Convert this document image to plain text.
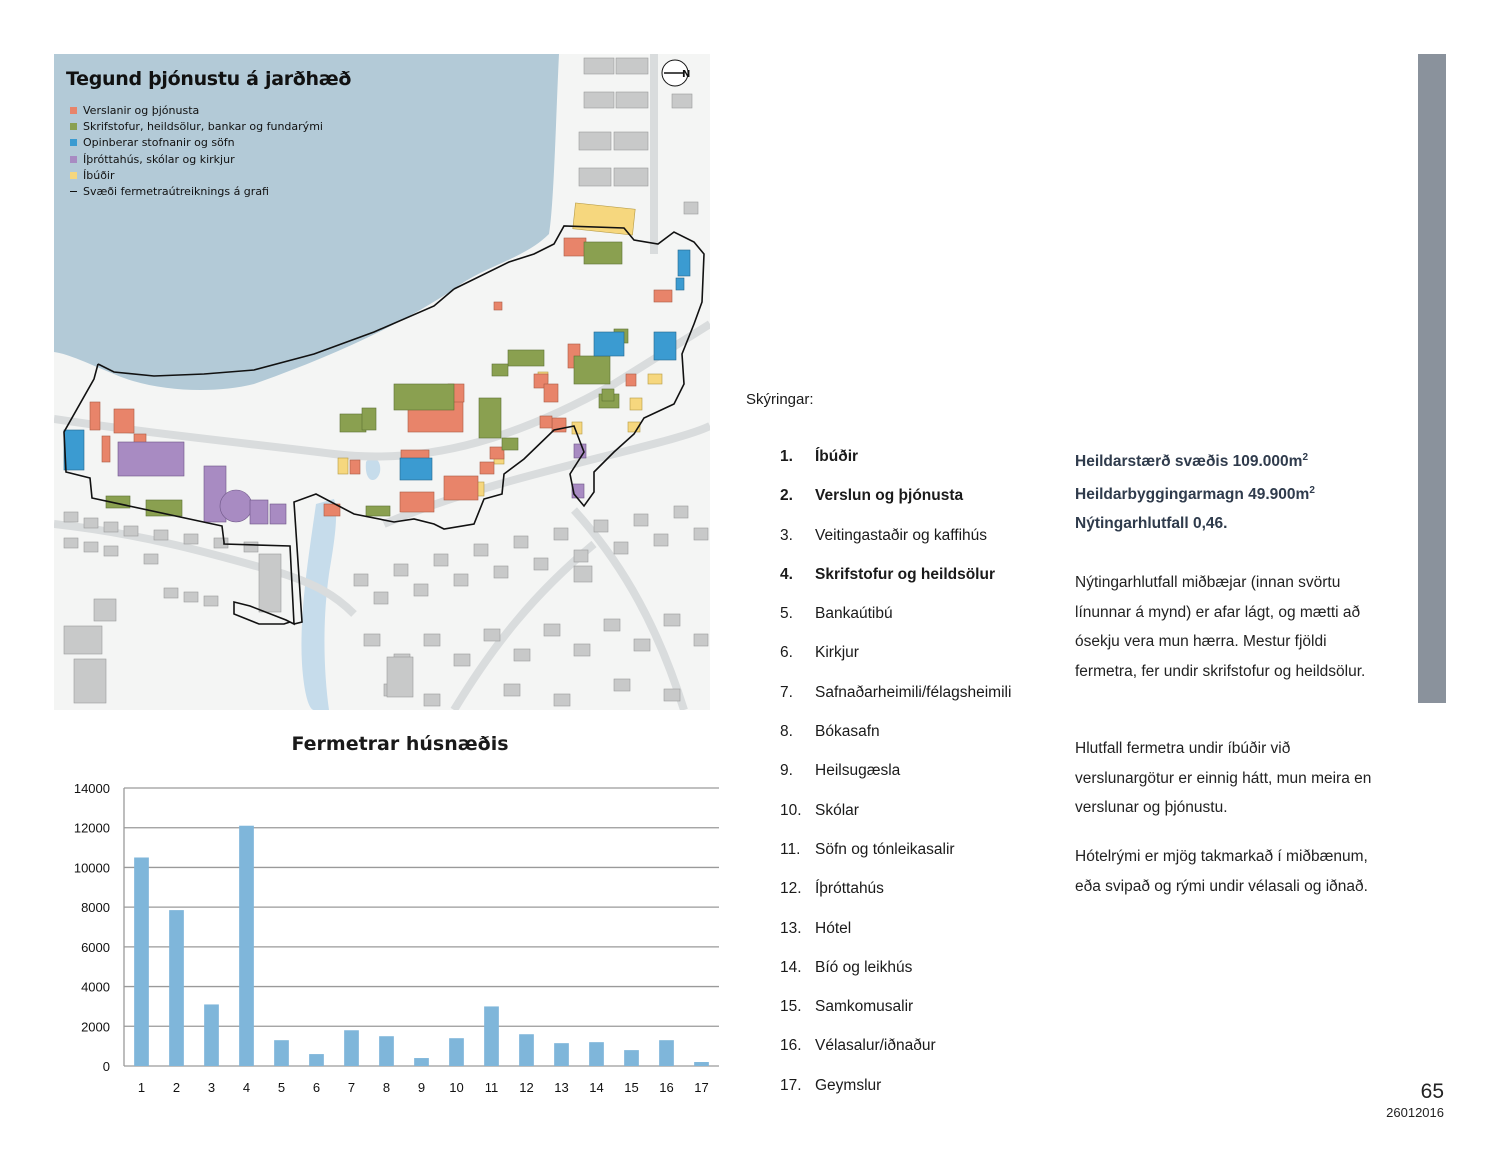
Tegund þjónustu á jarðhæð
Verslanir og þjónusta
Skrifstofur, heildsölur, bankar og fundarými
Opinberar stofnanir og söfn
Íþróttahús, skólar og kirkjur
Íbúðir
Svæði fermetraútreiknings á grafi
N
Fermetrar húsnæðis
0
2000
4000
6000
8000
10000
12000
14000
1 2 3 4 5 6 7 8 9 10 11 12 13 14 15 16 17
Skýringar:
1.	Íbúðir
2.	Verslun og þjónusta
3.	Veitingastaðir og kaffihús
4.	Skrifstofur og heildsölur
5.	Bankaútibú
6.	Kirkjur
7.	Safnaðarheimili/félagsheimili
8.	Bókasafn
9.	Heilsugæsla
10. Skólar
11. Söfn og tónleikasalir
12. Íþróttahús
13. Hótel
14. Bíó og leikhús
15. Samkomusalir
16. Vélasalur/iðnaður
17. Geymslur
Heildarstærð svæðis $109.000m^2$
Heildarbyggingarmagn $49.900m^2$
Nýtingarhlutfall 0,46.

Nýtingarhlutfall miðbæjar (innan svörtu línunnar á mynd) er afar lágt, og mætti að ósekju vera mun hærra. Mestur fjöldi fermetra, fer undir skrifstofur og heildsölur.

Hlutfall fermetra undir íbúðir við verslunargötur er einnig hátt, mun meira en verslunar og þjónustu.

Hótelrými er mjög takmarkað í miðbænum, eða svipað og rými undir vélasali og iðnað.

65
26012016
